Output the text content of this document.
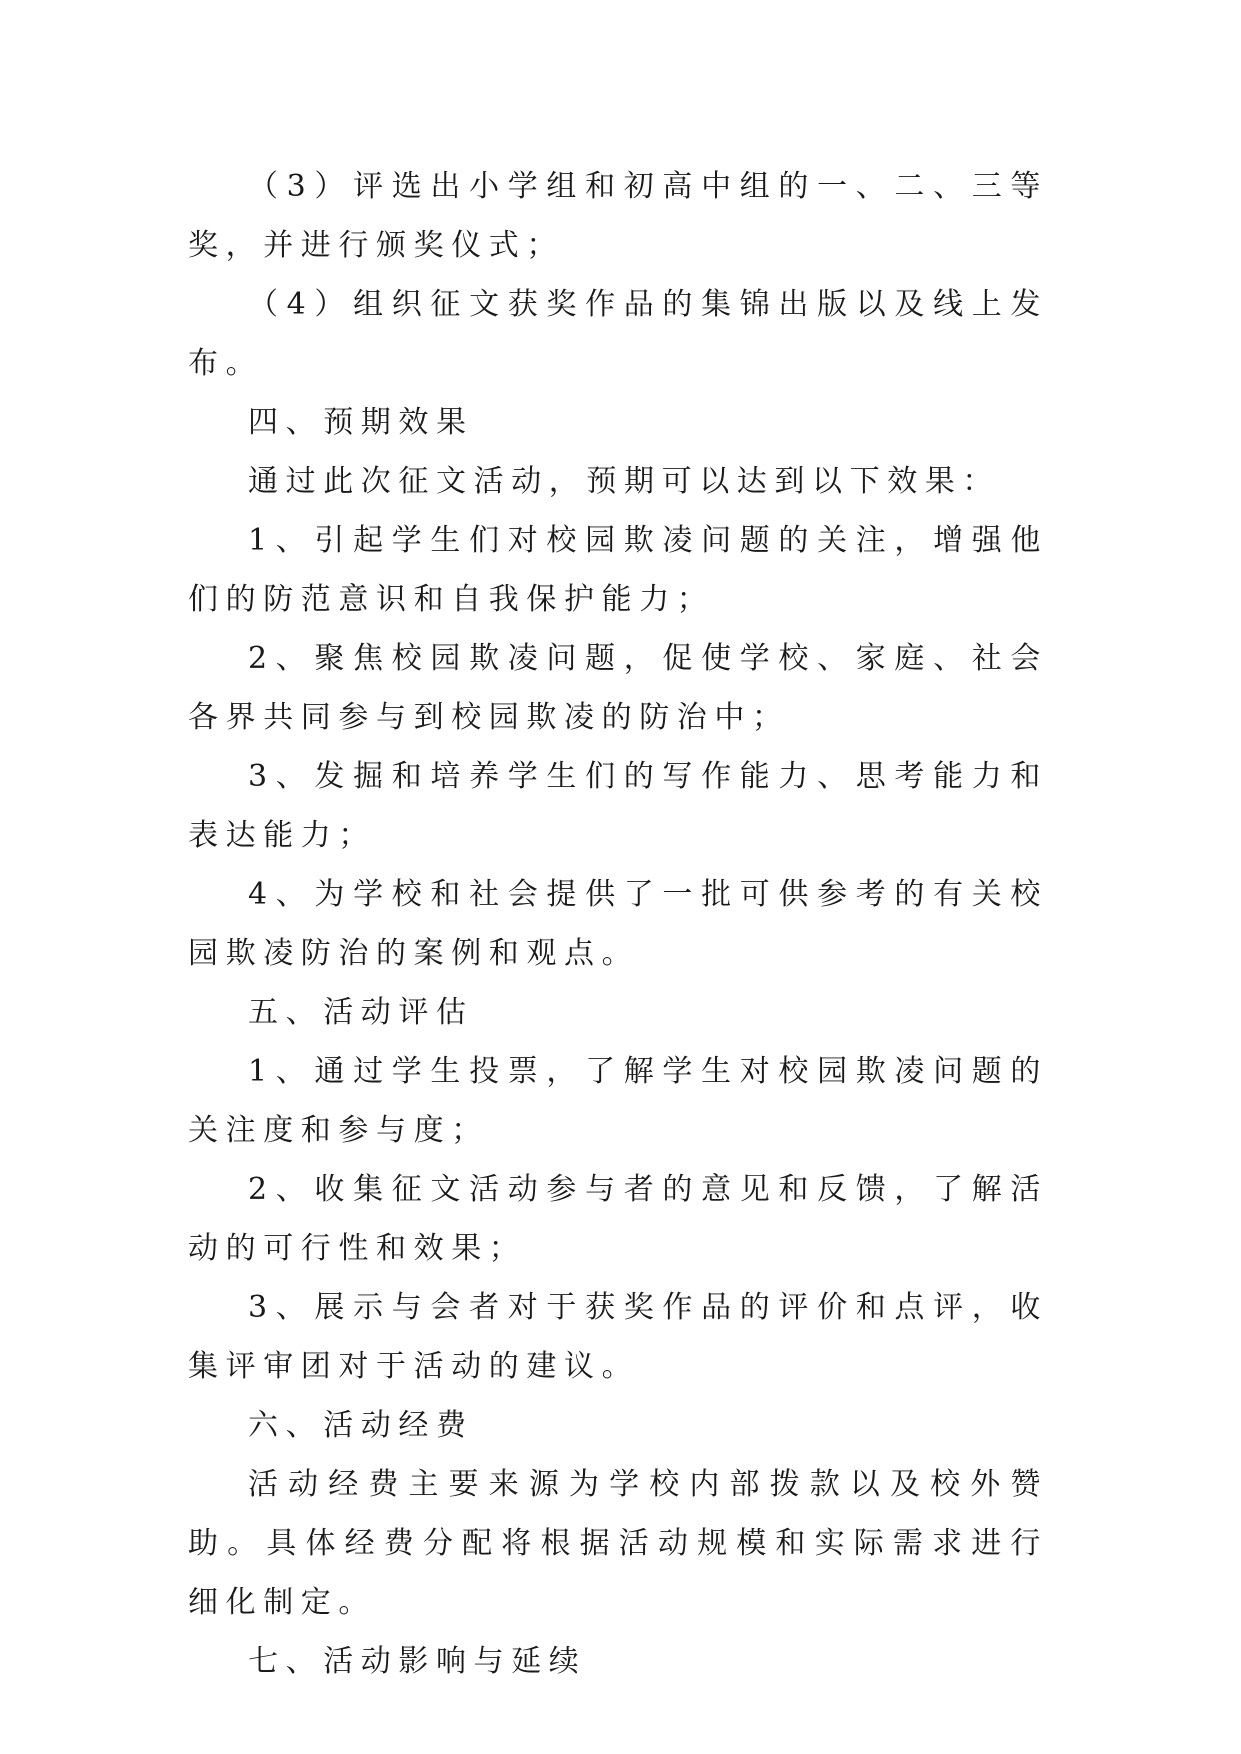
（3）评选出小学组和初高中组的一、二、三等奖，并进行颁奖仪式；

（4）组织征文获奖作品的集锦出版以及线上发布。

四、预期效果

通过此次征文活动，预期可以达到以下效果：

1、引起学生们对校园欺凌问题的关注，增强他们的防范意识和自我保护能力；

2、聚焦校园欺凌问题，促使学校、家庭、社会各界共同参与到校园欺凌的防治中；

3、发掘和培养学生们的写作能力、思考能力和表达能力；

4、为学校和社会提供了一批可供参考的有关校园欺凌防治的案例和观点。

五、活动评估

1、通过学生投票，了解学生对校园欺凌问题的关注度和参与度；

2、收集征文活动参与者的意见和反馈，了解活动的可行性和效果；

3、展示与会者对于获奖作品的评价和点评，收集评审团对于活动的建议。

六、活动经费

活动经费主要来源为学校内部拨款以及校外赞助。具体经费分配将根据活动规模和实际需求进行细化制定。

七、活动影响与延续
